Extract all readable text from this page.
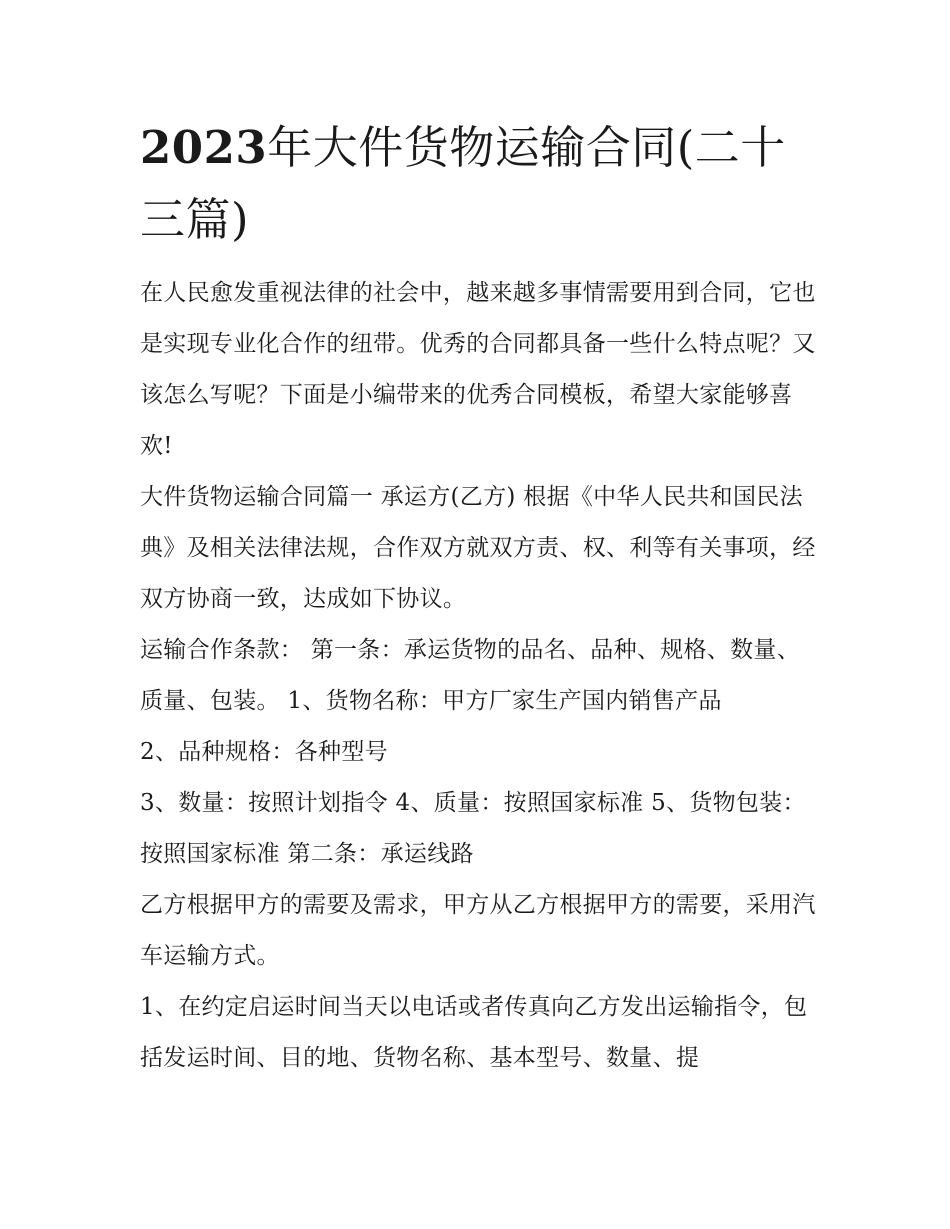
2023年大件货物运输合同(二十三篇)

在人民愈发重视法律的社会中，越来越多事情需要用到合同，它也是实现专业化合作的纽带。优秀的合同都具备一些什么特点呢？又该怎么写呢？下面是小编带来的优秀合同模板，希望大家能够喜欢!

大件货物运输合同篇一 承运方(乙方) 根据《中华人民共和国民法典》及相关法律法规，合作双方就双方责、权、利等有关事项，经双方协商一致，达成如下协议。

运输合作条款： 第一条：承运货物的品名、品种、规格、数量、质量、包装。 1、货物名称：甲方厂家生产国内销售产品

2、品种规格：各种型号

3、数量：按照计划指令 4、质量：按照国家标准 5、货物包装：按照国家标准 第二条：承运线路

乙方根据甲方的需要及需求，甲方从乙方根据甲方的需要，采用汽车运输方式。

1、在约定启运时间当天以电话或者传真向乙方发出运输指令，包括发运时间、目的地、货物名称、基本型号、数量、提
